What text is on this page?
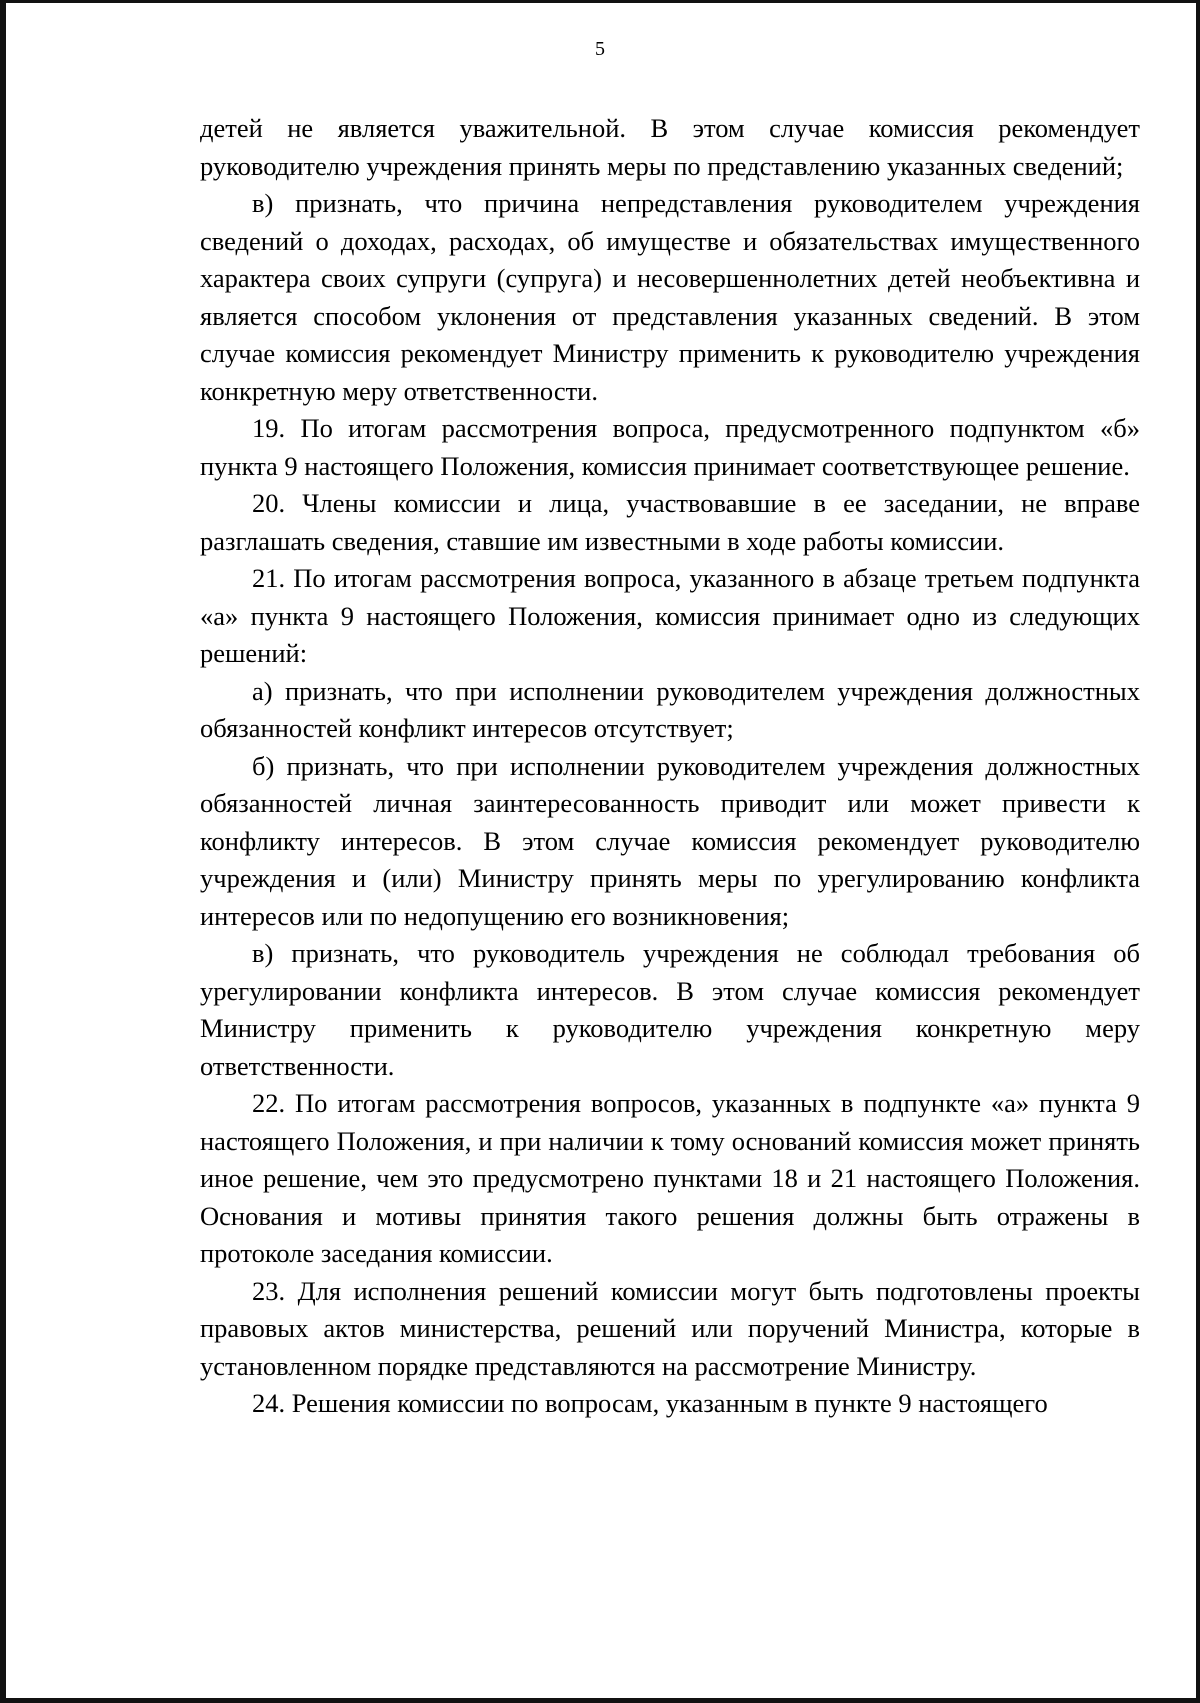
5

детей не является уважительной. В этом случае комиссия рекомендует руководителю учреждения принять меры по представлению указанных сведений;

в) признать, что причина непредставления руководителем учреждения сведений о доходах, расходах, об имуществе и обязательствах имущественного характера своих супруги (супруга) и несовершеннолетних детей необъективна и является способом уклонения от представления указанных сведений. В этом случае комиссия рекомендует Министру применить к руководителю учреждения конкретную меру ответственности.

19. По итогам рассмотрения вопроса, предусмотренного подпунктом «б» пункта 9 настоящего Положения, комиссия принимает соответствующее решение.

20. Члены комиссии и лица, участвовавшие в ее заседании, не вправе разглашать сведения, ставшие им известными в ходе работы комиссии.

21. По итогам рассмотрения вопроса, указанного в абзаце третьем подпункта «а» пункта 9 настоящего Положения, комиссия принимает одно из следующих решений:

а) признать, что при исполнении руководителем учреждения должностных обязанностей конфликт интересов отсутствует;

б) признать, что при исполнении руководителем учреждения должностных обязанностей личная заинтересованность приводит или может привести к конфликту интересов. В этом случае комиссия рекомендует руководителю учреждения и (или) Министру принять меры по урегулированию конфликта интересов или по недопущению его возникновения;

в) признать, что руководитель учреждения не соблюдал требования об урегулировании конфликта интересов. В этом случае комиссия рекомендует Министру применить к руководителю учреждения конкретную меру ответственности.

22. По итогам рассмотрения вопросов, указанных в подпункте «а» пункта 9 настоящего Положения, и при наличии к тому оснований комиссия может принять иное решение, чем это предусмотрено пунктами 18 и 21 настоящего Положения. Основания и мотивы принятия такого решения должны быть отражены в протоколе заседания комиссии.

23. Для исполнения решений комиссии могут быть подготовлены проекты правовых актов министерства, решений или поручений Министра, которые в установленном порядке представляются на рассмотрение Министру.

24. Решения комиссии по вопросам, указанным в пункте 9 настоящего
